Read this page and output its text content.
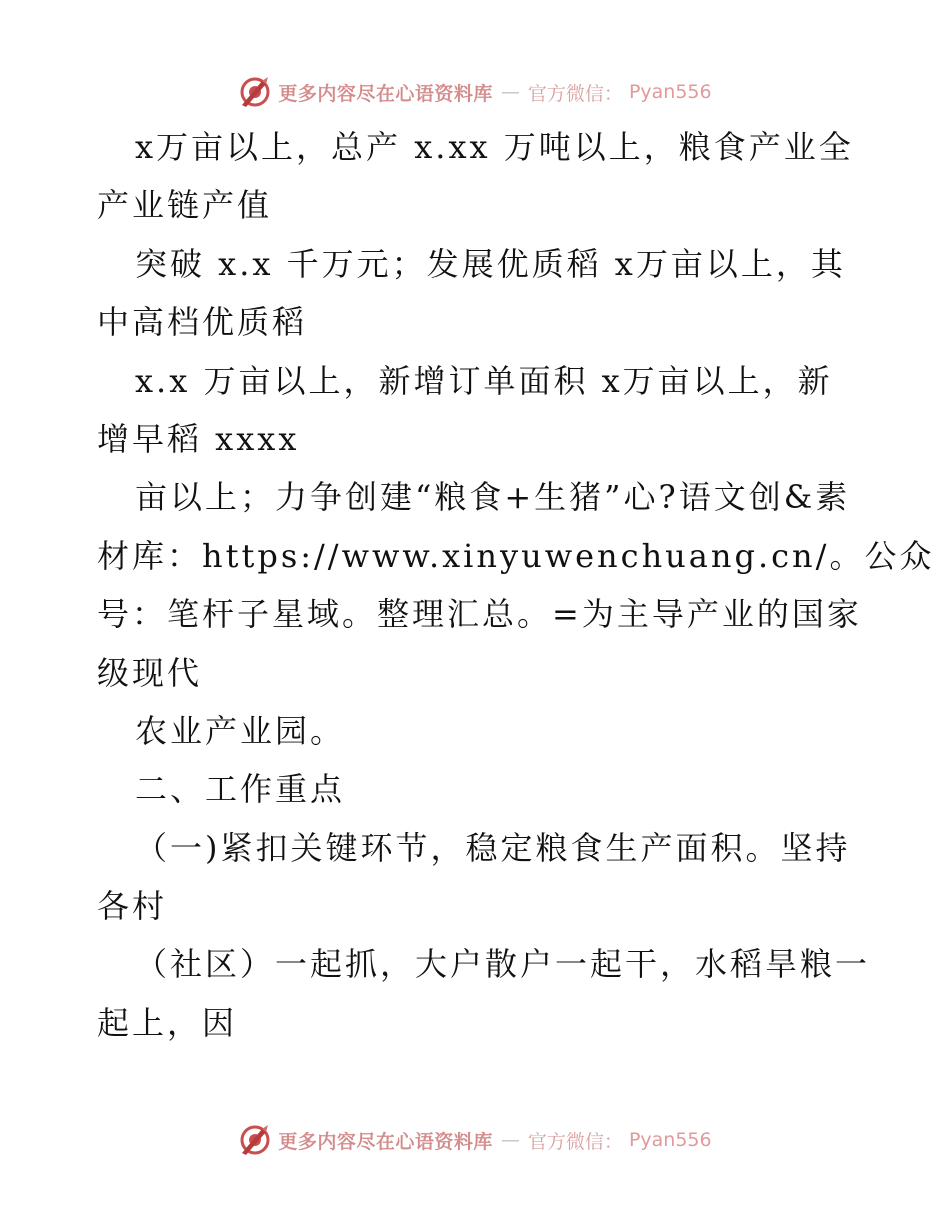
更多内容尽在心语资料库 — 官方微信： Pyan556
x万亩以上，总产 x.xx 万吨以上，粮食产业全
产业链产值
突破 x.x 千万元；发展优质稻 x万亩以上，其
中高档优质稻
x.x 万亩以上，新增订单面积 x万亩以上，新
增早稻 xxxx
亩以上；力争创建“粮食+生猪”心?语文创&素
材库：https://www.xinyuwenchuang.cn/。公众
号：笔杆子星域。整理汇总。=为主导产业的国家
级现代
农业产业园。
二、工作重点
（一)紧扣关键环节，稳定粮食生产面积。坚持
各村
（社区）一起抓，大户散户一起干，水稻旱粮一
起上，因
更多内容尽在心语资料库 — 官方微信： Pyan556
